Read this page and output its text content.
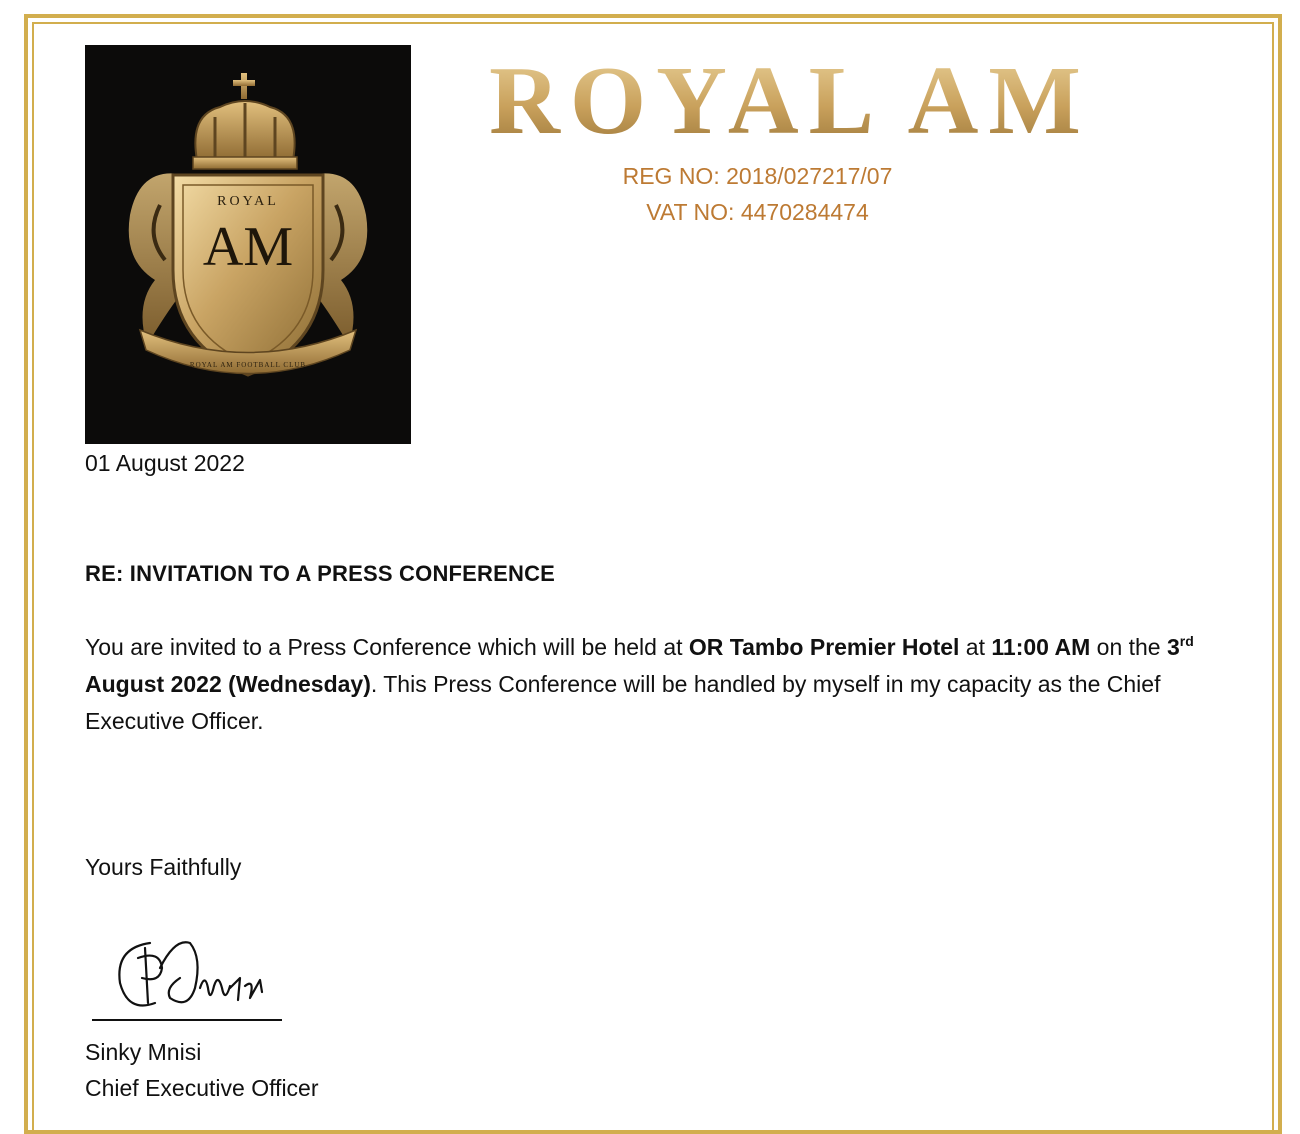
ROYAL
AM
ROYAL AM FOOTBALL CLUB
ROYAL AM
REG NO: 2018/027217/07
VAT NO: 4470284474
01 August 2022
RE: INVITATION TO A PRESS CONFERENCE
You are invited to a Press Conference which will be held at OR Tambo Premier Hotel at 11:00 AM on the 3rd August 2022 (Wednesday). This Press Conference will be handled by myself in my capacity as the Chief Executive Officer.
Yours Faithfully
Sinky Mnisi
Chief Executive Officer
